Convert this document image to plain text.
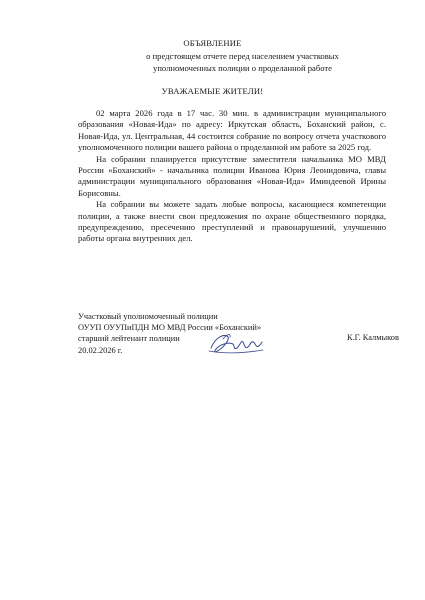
ОБЪЯВЛЕНИЕ
о предстоящем отчете перед населением участковых
уполномоченных полиции о проделанной работе
УВАЖАЕМЫЕ ЖИТЕЛИ!

02 марта 2026 года в 17 час. 30 мин. в администрации муниципального образования «Новая-Ида» по адресу: Иркутская область, Боханский район, с. Новая-Ида, ул. Центральная, 44 состоится собрание по вопросу отчета участкового уполномоченного полиции вашего района о проделанной им работе за 2025 год.

На собрании планируется присутствие заместителя начальника МО МВД России «Боханский» - начальника полиции Иванова Юрия Леонидовича, главы администрации муниципального образования «Новая-Ида» Иминдеевой Ирины Борисовны.

На собрании вы можете задать любые вопросы, касающиеся компетенции полиции, а также внести свои предложения по охране общественного порядка, предупреждению, пресечению преступлений и правонарушений, улучшению работы органа внутренних дел.

Участковый уполномоченный полиции
ОУУП ОУУПиПДН МО МВД России «Боханский»
старший лейтенант полиции
20.02.2026 г.
К.Г. Калмыков
